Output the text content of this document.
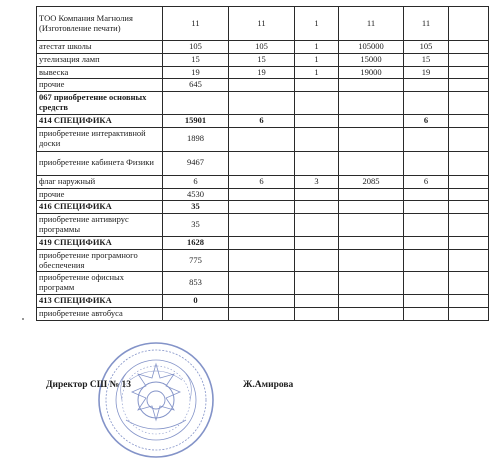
ТОО Компания Магнолия (Изготовление печати)	11	11	1	11	11	
атестат школы	105	105	1	105000	105	
утелизация ламп	15	15	1	15000	15	
вывеска	19	19	1	19000	19	
прочие	645					
067 приобретение основных средств						
414 СПЕЦИФИКА	15901	6			6	
приобретение интерактивной доски	1898					
приобретение кабинета Физики	9467					
флаг наружный	6	6	3	2085	6	
прочие	4530					
416 СПЕЦИФИКА	35					
приобретение антивирус программы	35					
419 СПЕЦИФИКА	1628					
приобретение програмного обеспечения	775					
приобретение офисных программ	853					
413 СПЕЦИФИКА	0					
приобретение автобуса						
Директор СШ № 13	Ж.Амирова
